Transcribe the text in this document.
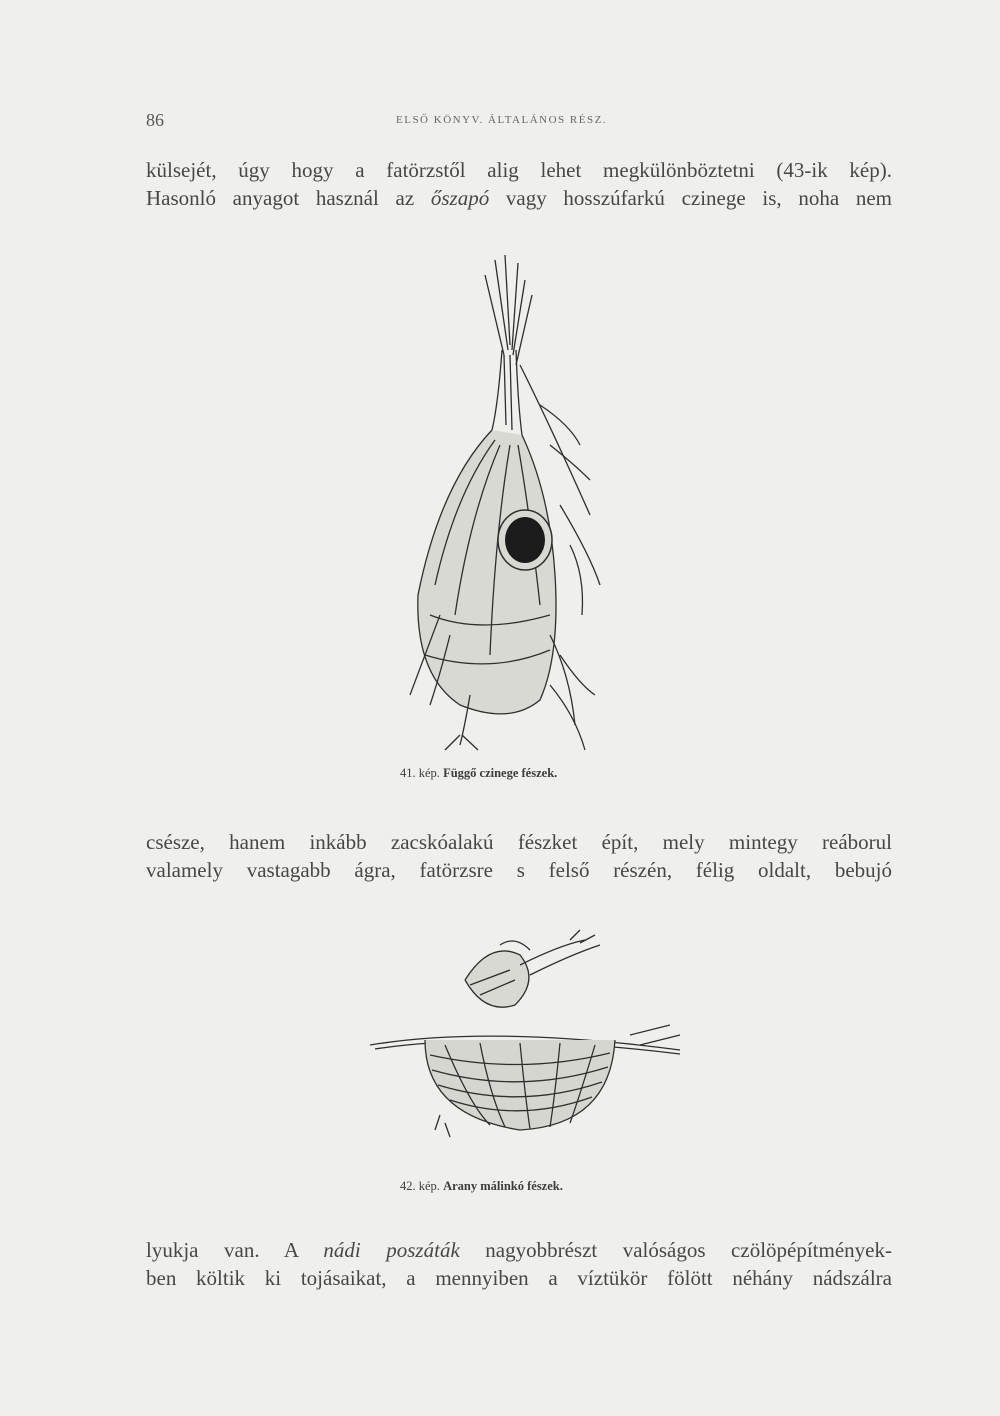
86	ELSŐ KÖNYV. ÁLTALÁNOS RÉSZ.

külsejét, úgy hogy a fatörzstől alig lehet megkülönböztetni (43-ik kép).
Hasonló anyagot használ az őszapó vagy hosszúfarkú czinege is, noha nem

41. kép. Függő czinege fészek.

csésze, hanem inkább zacskóalakú fészket épít, mely mintegy reáborul
valamely vastagabb ágra, fatörzsre s felső részén, félig oldalt, bebujó

42. kép. Arany málinkó fészek.

lyukja van. A nádi poszáták nagyobbrészt valóságos czölöpépítmények-
ben költik ki tojásaikat, a mennyiben a víztükör fölött néhány nádszálra
